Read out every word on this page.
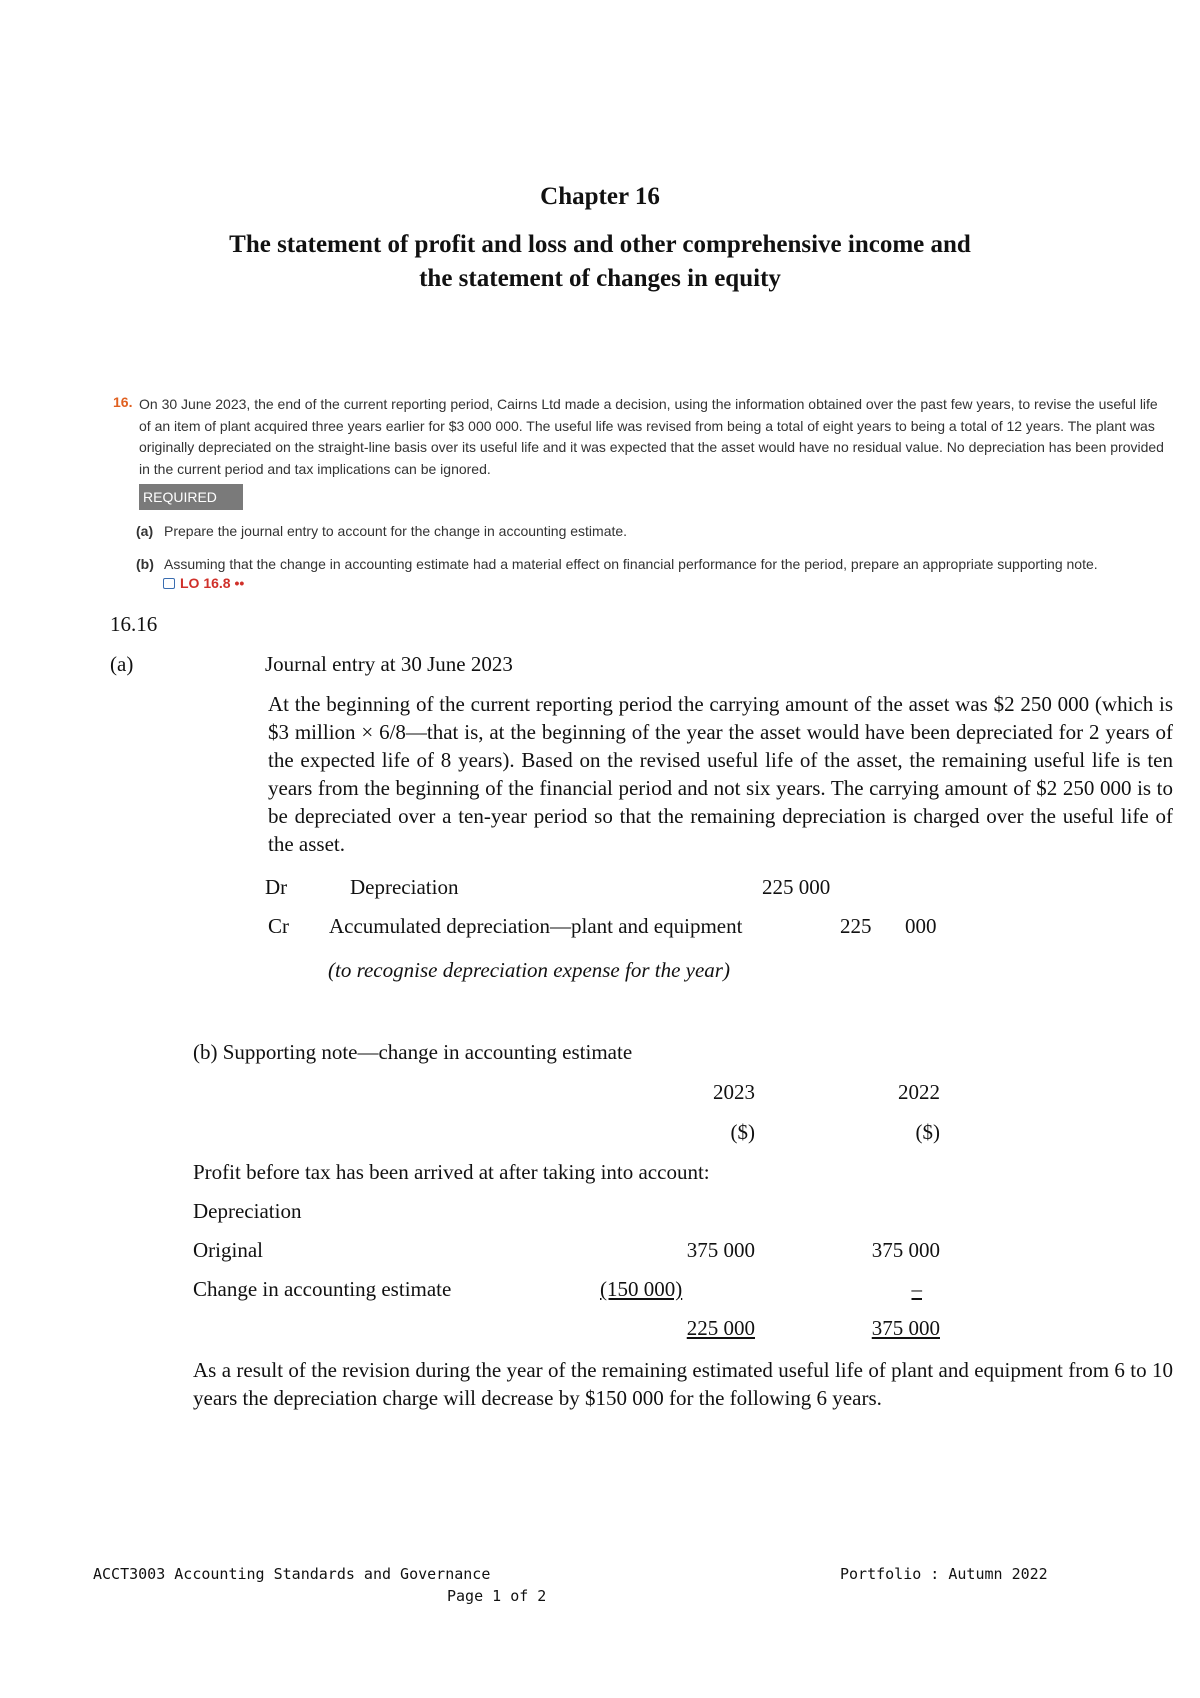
Chapter 16
The statement of profit and loss and other comprehensive income and
the statement of changes in equity
16. On 30 June 2023, the end of the current reporting period, Cairns Ltd made a decision, using the information obtained over the past few years, to revise the useful life of an item of plant acquired three years earlier for $3 000 000. The useful life was revised from being a total of eight years to being a total of 12 years. The plant was originally depreciated on the straight-line basis over its useful life and it was expected that the asset would have no residual value. No depreciation has been provided in the current period and tax implications can be ignored.
REQUIRED
(a) Prepare the journal entry to account for the change in accounting estimate.
(b) Assuming that the change in accounting estimate had a material effect on financial performance for the period, prepare an appropriate supporting note.
LO 16.8 ••
16.16
(a)	Journal entry at 30 June 2023
At the beginning of the current reporting period the carrying amount of the asset was $2 250 000 (which is $3 million × 6/8—that is, at the beginning of the year the asset would have been depreciated for 2 years of the expected life of 8 years). Based on the revised useful life of the asset, the remaining useful life is ten years from the beginning of the financial period and not six years. The carrying amount of $2 250 000 is to be depreciated over a ten-year period so that the remaining depreciation is charged over the useful life of the asset.
Dr	Depreciation	225 000
Cr Accumulated depreciation—plant and equipment	225 000
(to recognise depreciation expense for the year)
(b) Supporting note—change in accounting estimate
2023	2022
($)	($)
Profit before tax has been arrived at after taking into account:
Depreciation
Original	375 000	375 000
Change in accounting estimate	(150 000)	–
225 000	375 000
As a result of the revision during the year of the remaining estimated useful life of plant and equipment from 6 to 10 years the depreciation charge will decrease by $150 000 for the following 6 years.
ACCT3003 Accounting Standards and Governance	Portfolio : Autumn 2022
Page 1 of 2
